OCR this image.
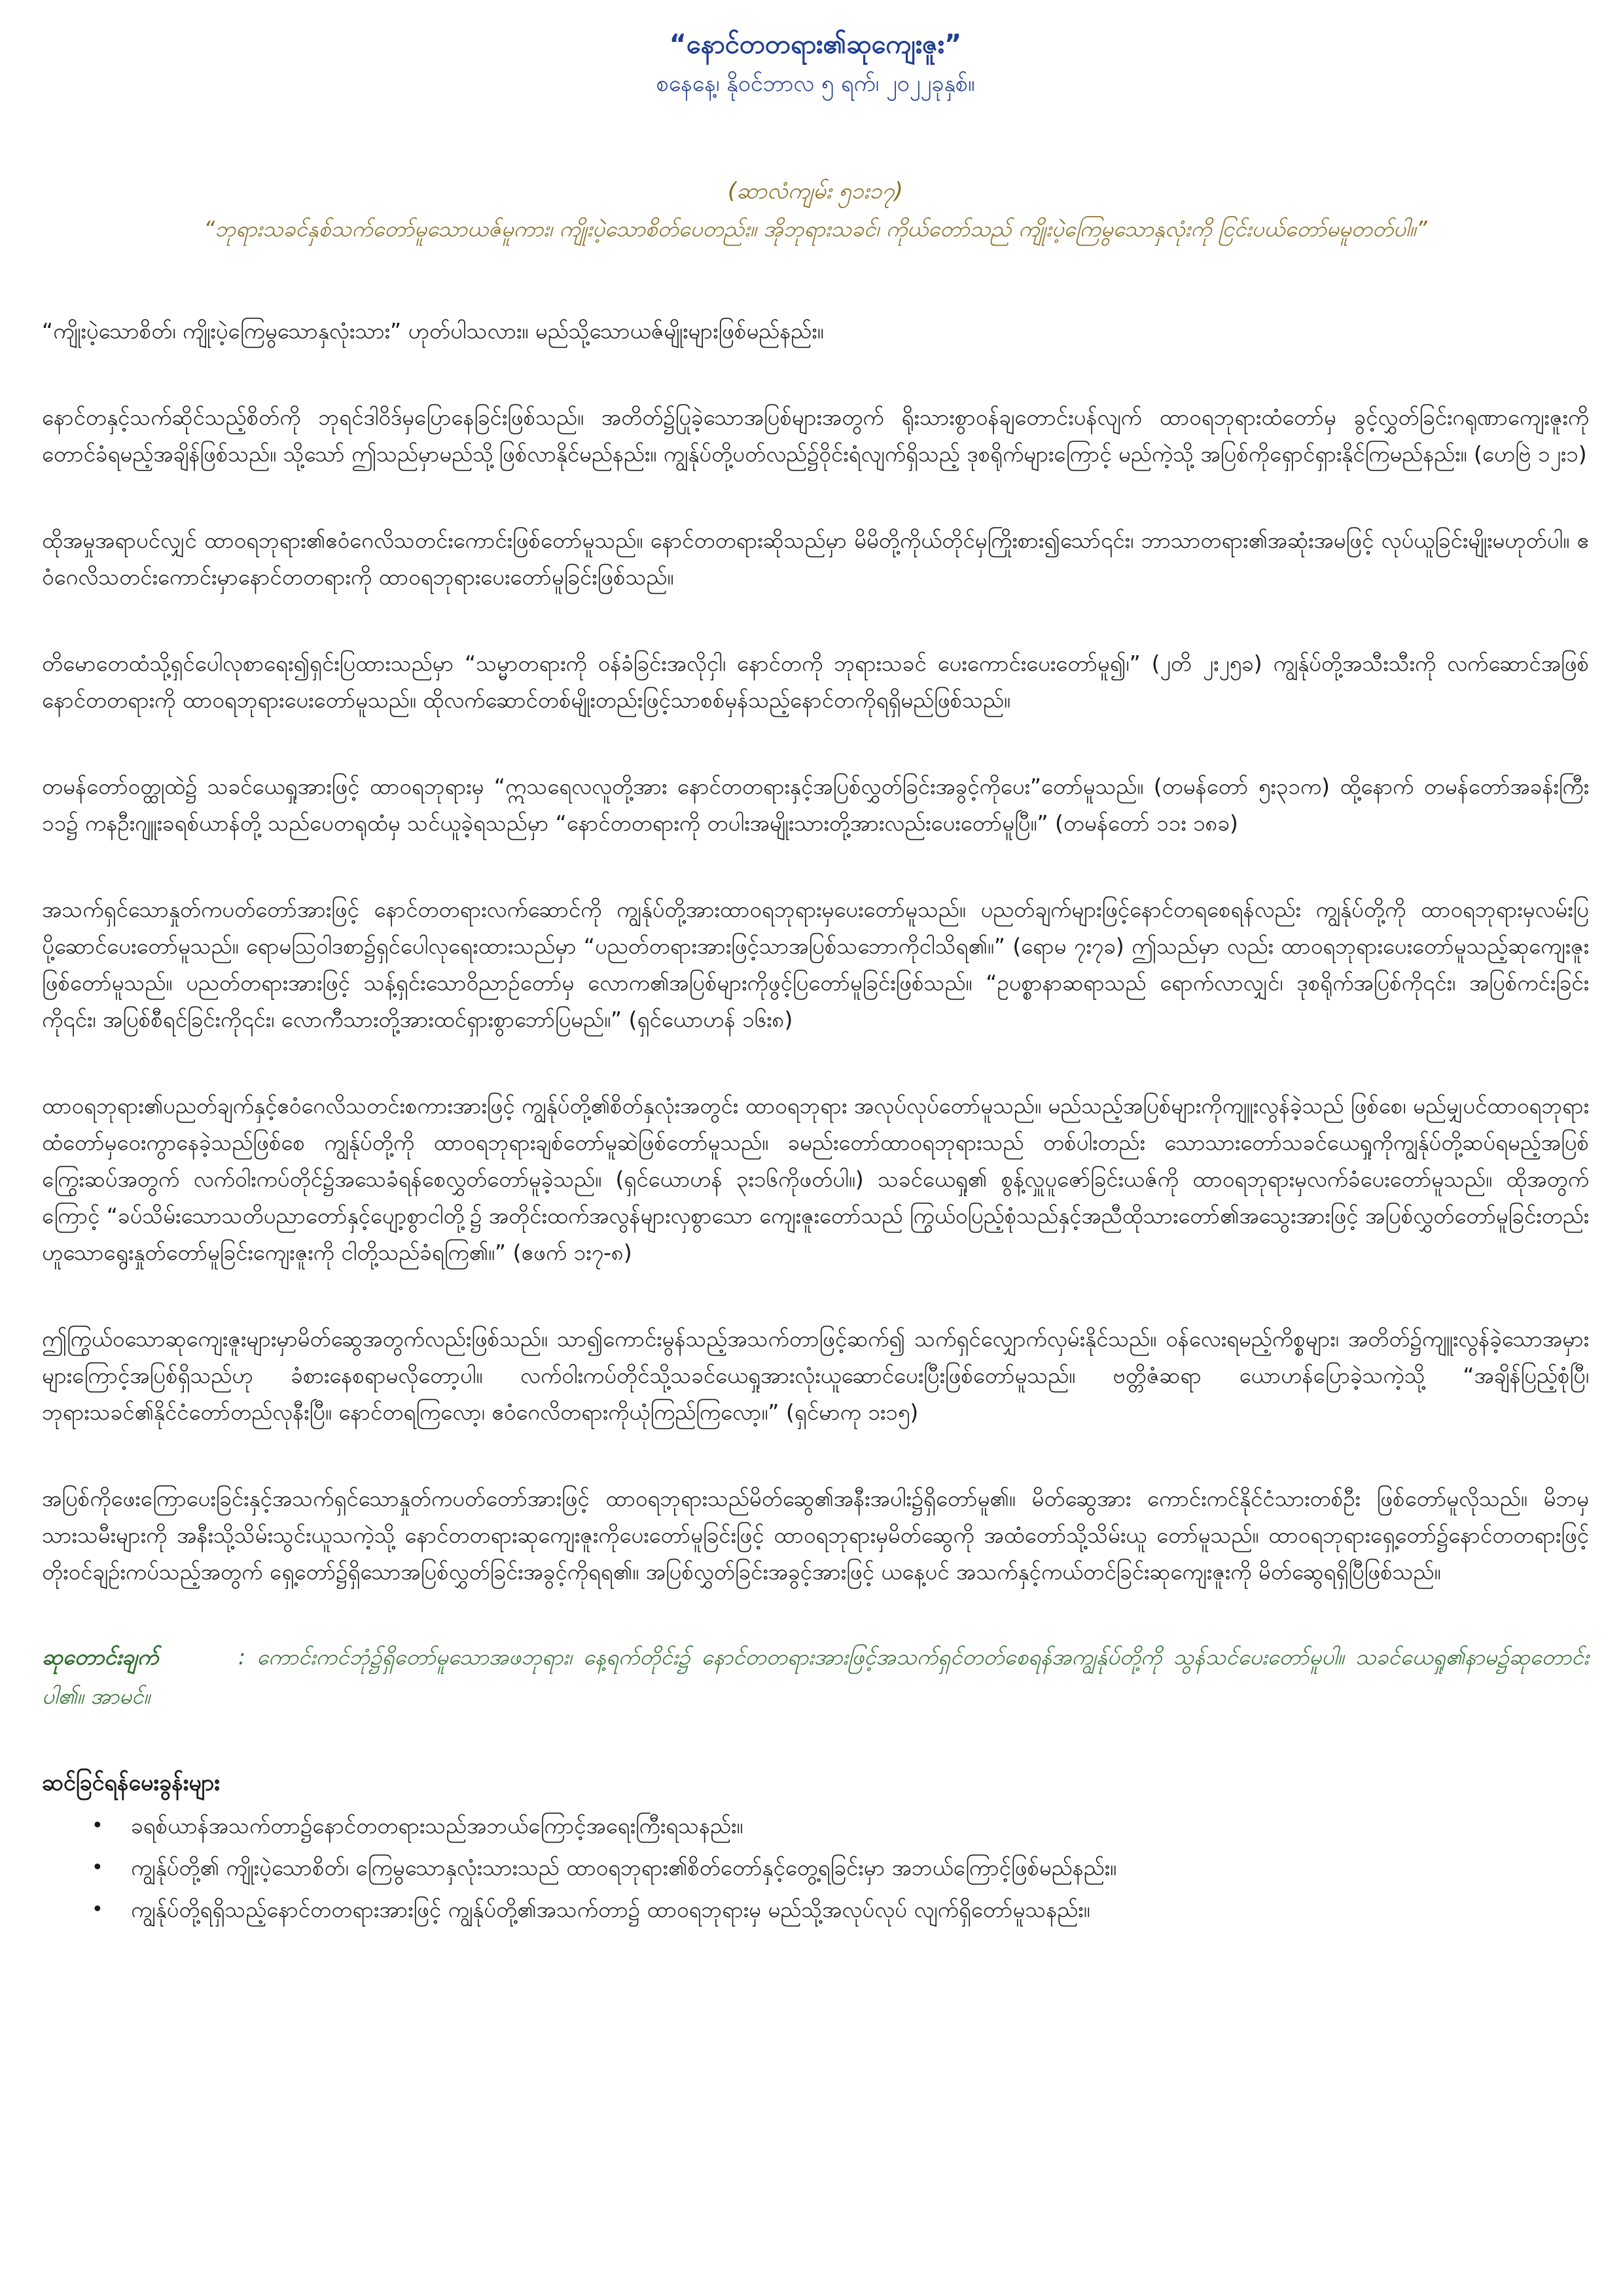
“နောင်တတရား၏ဆုကျေးဇူး”

စနေနေ့၊ နိုဝင်ဘာလ ၅ ရက်၊ ၂၀၂၂ခုနှစ်။

(ဆာလံကျမ်း ၅၁း၁၇)

“ဘုရားသခင်နှစ်သက်တော်မူသောယဇ်မူကား၊ ကျိုးပဲ့သောစိတ်ပေတည်း။ အိုဘုရားသခင်၊ ကိုယ်တော်သည် ကျိုးပဲ့ကြေမွသောနှလုံးကို ငြင်းပယ်တော်မမူတတ်ပါ။”

“ကျိုးပဲ့သောစိတ်၊ ကျိုးပဲ့ကြေမွသောနှလုံးသား” ဟုတ်ပါသလား။ မည်သို့သောယဇ်မျိုးများဖြစ်မည်နည်း။

နောင်တနှင့်သက်ဆိုင်သည့်စိတ်ကို ဘုရင်ဒါဝိဒ်မှပြောနေခြင်းဖြစ်သည်။ အတိတ်၌ပြုခဲ့သောအပြစ်များအတွက် ရိုးသားစွာဝန်ချတောင်းပန်လျက် ထာဝရဘုရားထံတော်မှ ခွင့်လွှတ်ခြင်းဂရုဏာကျေးဇူးကို တောင်ခံရမည့်အချိန်ဖြစ်သည်။ သို့သော် ဤသည်မှာမည်သို့ဖြစ်လာနိုင်မည်နည်း။ ကျွန်ုပ်တို့ပတ်လည်၌ဝိုင်းရံလျက်ရှိသည့် ဒုစရိုက်များကြောင့် မည်ကဲ့သို့ အပြစ်ကိုရှောင်ရှားနိုင်ကြမည်နည်း။ (ဟေဗြဲ ၁၂း၁)

ထိုအမှုအရာပင်လျှင် ထာဝရဘုရား၏ဧဝံဂေလိသတင်းကောင်းဖြစ်တော်မူသည်။ နောင်တတရားဆိုသည်မှာ မိမိတို့ကိုယ်တိုင်မှကြိုးစား၍သော်၎င်း၊ ဘာသာတရား၏အဆုံးအမဖြင့် လုပ်ယူခြင်းမျိုးမဟုတ်ပါ။ ဧဝံဂေလိသတင်းကောင်းမှာနောင်တတရားကို ထာဝရဘုရားပေးတော်မူခြင်းဖြစ်သည်။

တိမောတေထံသို့ရှင်ပေါလုစာရေး၍ရှင်းပြထားသည်မှာ “သမ္မာတရားကို ဝန်ခံခြင်းအလိုငှါ၊ နောင်တကို ဘုရားသခင် ပေးကောင်းပေးတော်မူ၍၊” (၂တိ ၂း၂၅ခ) ကျွန်ုပ်တို့အသီးသီးကို လက်ဆောင်အဖြစ်နောင်တတရားကို ထာဝရဘုရားပေးတော်မူသည်။ ထိုလက်ဆောင်တစ်မျိုးတည်းဖြင့်သာစစ်မှန်သည့်နောင်တကိုရရှိမည်ဖြစ်သည်။

တမန်တော်ဝတ္ထုထဲ၌ သခင်ယေရှုအားဖြင့် ထာဝရဘုရားမှ “ဣသရေလလူတို့အား နောင်တတရားနှင့်အပြစ်လွှတ်ခြင်းအခွင့်ကိုပေး”တော်မူသည်။ (တမန်တော် ၅း၃၁က) ထို့နောက် တမန်တော်အခန်းကြီး ၁၁၌ ကနဦးဂျူးခရစ်ယာန်တို့ သည်ပေတရုထံမှ သင်ယူခဲ့ရသည်မှာ “နောင်တတရားကို တပါးအမျိုးသားတို့အားလည်းပေးတော်မူပြီ။” (တမန်တော် ၁၁း ၁၈ခ)

အသက်ရှင်သောနှုတ်ကပတ်တော်အားဖြင့် နောင်တတရားလက်ဆောင်ကို ကျွန်ုပ်တို့အားထာဝရဘုရားမှပေးတော်မူသည်။ ပညတ်ချက်များဖြင့်နောင်တရစေရန်လည်း ကျွန်ုပ်တို့ကို ထာဝရဘုရားမှလမ်းပြပို့ဆောင်ပေးတော်မူသည်။ ရောမသြဝါဒစာ၌ရှင်ပေါလုရေးထားသည်မှာ “ပညတ်တရားအားဖြင့်သာအပြစ်သဘောကိုငါသိရ၏။” (ရောမ ၇း၇ခ) ဤသည်မှာ လည်း ထာဝရဘုရားပေးတော်မူသည့်ဆုကျေးဇူးဖြစ်တော်မူသည်။ ပညတ်တရားအားဖြင့် သန့်ရှင်းသောဝိညာဉ်တော်မှ လောက၏အပြစ်များကိုဖွင့်ပြတော်မူခြင်းဖြစ်သည်။ “ဥပစ္စာနာဆရာသည် ရောက်လာလျှင်၊ ဒုစရိုက်အပြစ်ကို၎င်း၊ အပြစ်ကင်းခြင်းကို၎င်း၊ အပြစ်စီရင်ခြင်းကို၎င်း၊ လောကီသားတို့အားထင်ရှားစွာဘော်ပြမည်။” (ရှင်ယောဟန် ၁၆း၈)

ထာဝရဘုရား၏ပညတ်ချက်နှင့်ဧဝံဂေလိသတင်းစကားအားဖြင့် ကျွန်ုပ်တို့၏စိတ်နှလုံးအတွင်း ထာဝရဘုရား အလုပ်လုပ်တော်မူသည်။ မည်သည့်အပြစ်များကိုကျူးလွန်ခဲ့သည် ဖြစ်စေ၊ မည်မျှပင်ထာဝရဘုရားထံတော်မှဝေးကွာနေခဲ့သည်ဖြစ်စေ ကျွန်ုပ်တို့ကို ထာဝရဘုရားချစ်တော်မူဆဲဖြစ်တော်မူသည်။ ခမည်းတော်ထာဝရဘုရားသည် တစ်ပါးတည်း သောသားတော်သခင်ယေရှုကိုကျွန်ုပ်တို့ဆပ်ရမည့်အပြစ်ကြွေးဆပ်အတွက် လက်ဝါးကပ်တိုင်၌အသေခံရန်စေလွှတ်တော်မူခဲ့သည်။ (ရှင်ယောဟန် ၃း၁၆ကိုဖတ်ပါ။) သခင်ယေရှု၏ စွန့်လှူပူဇော်ခြင်းယဇ်ကို ထာဝရဘုရားမှလက်ခံပေးတော်မူသည်။ ထိုအတွက်ကြောင့် “ခပ်သိမ်းသောသတိပညာတော်နှင့်ပျော့စွာငါတို့၌ အတိုင်းထက်အလွန်များလှစွာသော ကျေးဇူးတော်သည် ကြွယ်ဝပြည့်စုံသည်နှင့်အညီထိုသားတော်၏အသွေးအားဖြင့် အပြစ်လွှတ်တော်မူခြင်းတည်းဟူသောရွေးနှုတ်တော်မူခြင်းကျေးဇူးကို ငါတို့သည်ခံရကြ၏။” (ဧဖက် ၁း၇-၈)

ဤကြွယ်ဝသောဆုကျေးဇူးများမှာမိတ်ဆွေအတွက်လည်းဖြစ်သည်။ သာ၍ကောင်းမွန်သည့်အသက်တာဖြင့်ဆက်၍ သက်ရှင်လျှောက်လှမ်းနိုင်သည်။ ဝန်လေးရမည့်ကိစ္စများ၊ အတိတ်၌ကျူးလွန်ခဲ့သောအမှားများကြောင့်အပြစ်ရှိသည်ဟု ခံစားနေစရာမလိုတော့ပါ။ လက်ဝါးကပ်တိုင်သို့သခင်ယေရှုအားလုံးယူဆောင်ပေးပြီးဖြစ်တော်မူသည်။ ဗတ္တိဇံဆရာ ယောဟန်ပြောခဲ့သကဲ့သို့ “အချိန်ပြည့်စုံပြီ၊ ဘုရားသခင်၏နိုင်ငံတော်တည်လုနီးပြီ။ နောင်တရကြလော့၊ ဧဝံဂေလိတရားကိုယုံကြည်ကြလော့။” (ရှင်မာကု ၁း၁၅)

အပြစ်ကိုဖေးကြောပေးခြင်းနှင့်အသက်ရှင်သောနှုတ်ကပတ်တော်အားဖြင့် ထာဝရဘုရားသည်မိတ်ဆွေ၏အနီးအပါး၌ရှိတော်မူ၏။ မိတ်ဆွေအား ကောင်းကင်နိုင်ငံသားတစ်ဦး ဖြစ်တော်မူလိုသည်။ မိဘမှသားသမီးများကို အနီးသို့သိမ်းသွင်းယူသကဲ့သို့ နောင်တတရားဆုကျေးဇူးကိုပေးတော်မူခြင်းဖြင့် ထာဝရဘုရားမှမိတ်ဆွေကို အထံတော်သို့သိမ်းယူ တော်မူသည်။ ထာဝရဘုရားရှေ့တော်၌နောင်တတရားဖြင့်တိုးဝင်ချဉ်းကပ်သည့်အတွက် ရှေ့တော်၌ရှိသောအပြစ်လွှတ်ခြင်းအခွင့်ကိုရရ၏။ အပြစ်လွှတ်ခြင်းအခွင့်အားဖြင့် ယနေ့ပင် အသက်နှင့်ကယ်တင်ခြင်းဆုကျေးဇူးကို မိတ်ဆွေရရှိပြီဖြစ်သည်။

ဆုတောင်းချက်	: ကောင်းကင်ဘုံ၌ရှိတော်မူသောအဖဘုရား၊ နေ့ရက်တိုင်း၌ နောင်တတရားအားဖြင့်အသက်ရှင်တတ်စေရန်အကျွန်ုပ်တို့ကို သွန်သင်ပေးတော်မူပါ။ သခင်ယေရှု၏နာမ၌ဆုတောင်းပါ၏။ အာမင်။
ဆင်ခြင်ရန်မေးခွန်းများ
• ခရစ်ယာန်အသက်တာ၌နောင်တတရားသည်အဘယ်ကြောင့်အရေးကြီးရသနည်း။
• ကျွန်ုပ်တို့၏ ကျိုးပဲ့သောစိတ်၊ ကြေမွသောနှလုံးသားသည် ထာဝရဘုရား၏စိတ်တော်နှင့်တွေ့ရခြင်းမှာ အဘယ်ကြောင့်ဖြစ်မည်နည်း။
• ကျွန်ုပ်တို့ရရှိသည့်နောင်တတရားအားဖြင့် ကျွန်ုပ်တို့၏အသက်တာ၌ ထာဝရဘုရားမှ မည်သို့အလုပ်လုပ် လျက်ရှိတော်မူသနည်း။
